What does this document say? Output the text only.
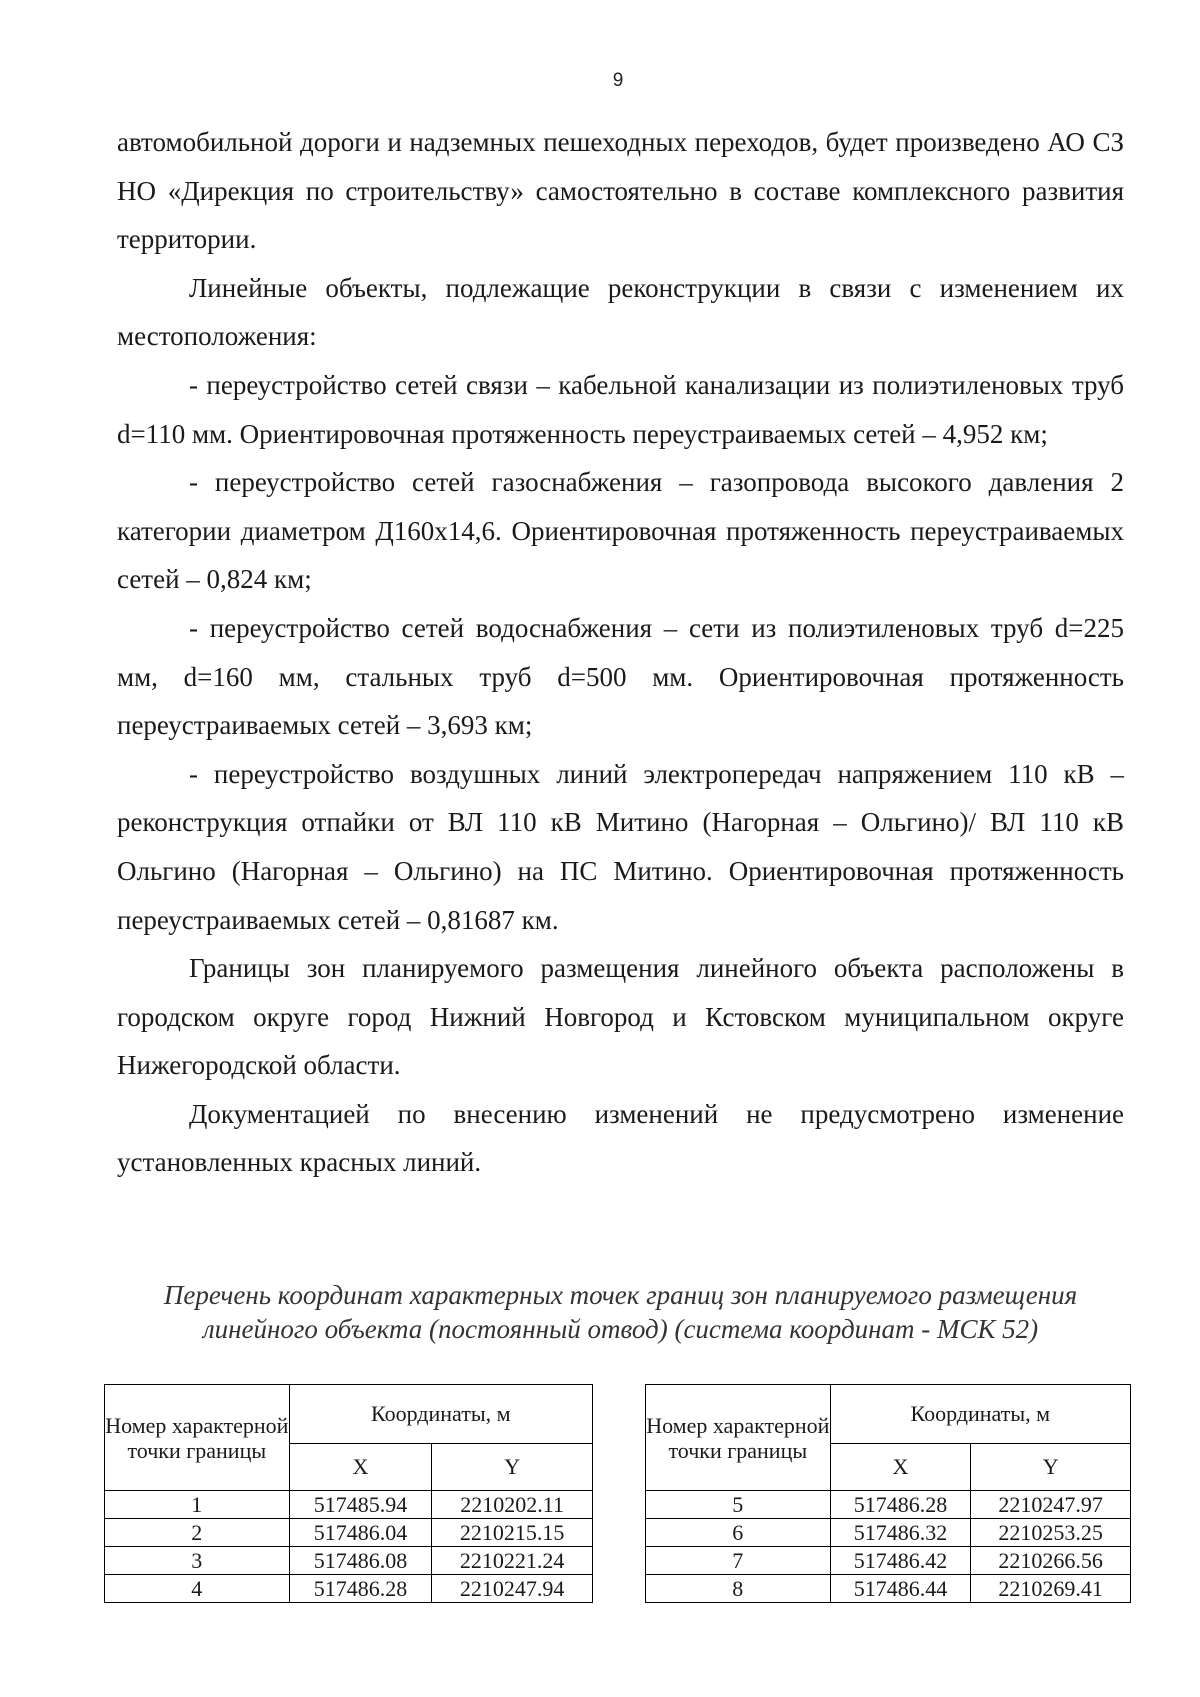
9

автомобильной дороги и надземных пешеходных переходов, будет произведено АО СЗ НО «Дирекция по строительству» самостоятельно в составе комплексного развития территории.

Линейные объекты, подлежащие реконструкции в связи с изменением их местоположения:

- переустройство сетей связи – кабельной канализации из полиэтиленовых труб d=110 мм. Ориентировочная протяженность переустраиваемых сетей – 4,952 км;

- переустройство сетей газоснабжения – газопровода высокого давления 2 категории диаметром Д160х14,6. Ориентировочная протяженность переустраиваемых сетей – 0,824 км;

- переустройство сетей водоснабжения – сети из полиэтиленовых труб d=225 мм, d=160 мм, стальных труб d=500 мм. Ориентировочная протяженность переустраиваемых сетей – 3,693 км;

- переустройство воздушных линий электропередач напряжением 110 кВ – реконструкция отпайки от ВЛ 110 кВ Митино (Нагорная – Ольгино)/ ВЛ 110 кВ Ольгино (Нагорная – Ольгино) на ПС Митино. Ориентировочная протяженность переустраиваемых сетей – 0,81687 км.

Границы зон планируемого размещения линейного объекта расположены в городском округе город Нижний Новгород и Кстовском муниципальном округе Нижегородской области.

Документацией по внесению изменений не предусмотрено изменение установленных красных линий.

Перечень координат характерных точек границ зон планируемого размещения
линейного объекта (постоянный отвод) (система координат - МСК 52)
Номер характерной точки границы	Координаты, м	
	X	Y
1	517485.94	2210202.11
2	517486.04	2210215.15
3	517486.08	2210221.24
4	517486.28	2210247.94
Номер характерной точки границы	Координаты, м	
	X	Y
5	517486.28	2210247.97
6	517486.32	2210253.25
7	517486.42	2210266.56
8	517486.44	2210269.41
